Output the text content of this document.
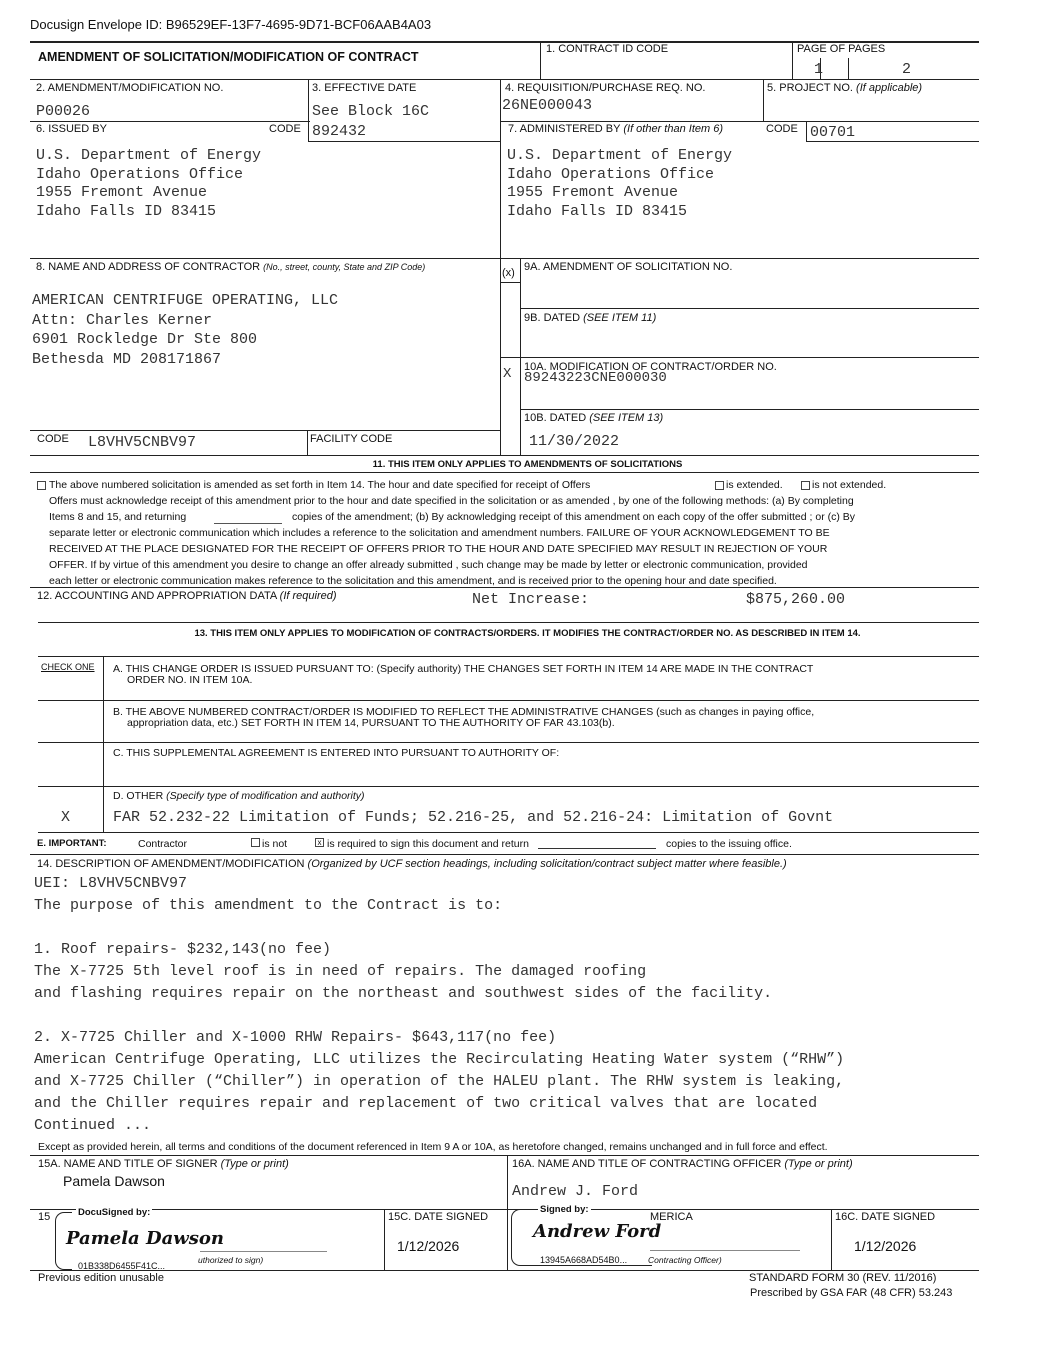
Docusign Envelope ID: B96529EF-13F7-4695-9D71-BCF06AAB4A03
AMENDMENT OF SOLICITATION/MODIFICATION OF CONTRACT
1. CONTRACT ID CODE	PAGE OF PAGES
1	2
2. AMENDMENT/MODIFICATION NO.	3. EFFECTIVE DATE	4. REQUISITION/PURCHASE REQ. NO.	5. PROJECT NO. (If applicable)
P00026	See Block 16C	26NE000043
6. ISSUED BY	CODE 892432	7. ADMINISTERED BY (If other than Item 6)	CODE 00701
U.S. Department of Energy
Idaho Operations Office
1955 Fremont Avenue
Idaho Falls ID 83415
U.S. Department of Energy
Idaho Operations Office
1955 Fremont Avenue
Idaho Falls ID 83415
8. NAME AND ADDRESS OF CONTRACTOR (No., street, county, State and ZIP Code)	(x) 9A. AMENDMENT OF SOLICITATION NO.
9B. DATED (SEE ITEM 11)
X 10A. MODIFICATION OF CONTRACT/ORDER NO.
89243223CNE000030
10B. DATED (SEE ITEM 13)
11/30/2022
AMERICAN CENTRIFUGE OPERATING, LLC
Attn: Charles Kerner
6901 Rockledge Dr Ste 800
Bethesda MD 208171867
CODE L8VHV5CNBV97	FACILITY CODE
11. THIS ITEM ONLY APPLIES TO AMENDMENTS OF SOLICITATIONS
The above numbered solicitation is amended as set forth in Item 14. The hour and date specified for receipt of Offers	is extended.	is not extended.
Offers must acknowledge receipt of this amendment prior to the hour and date specified in the solicitation or as amended , by one of the following methods: (a) By completing
Items 8 and 15, and returning	copies of the amendment; (b) By acknowledging receipt of this amendment on each copy of the offer submitted ; or (c) By
separate letter or electronic communication which includes a reference to the solicitation and amendment numbers. FAILURE OF YOUR ACKNOWLEDGEMENT TO BE
RECEIVED AT THE PLACE DESIGNATED FOR THE RECEIPT OF OFFERS PRIOR TO THE HOUR AND DATE SPECIFIED MAY RESULT IN REJECTION OF YOUR
OFFER. If by virtue of this amendment you desire to change an offer already submitted , such change may be made by letter or electronic communication, provided
each letter or electronic communication makes reference to the solicitation and this amendment, and is received prior to the opening hour and date specified.
12. ACCOUNTING AND APPROPRIATION DATA (If required)	Net Increase:	$875,260.00
13. THIS ITEM ONLY APPLIES TO MODIFICATION OF CONTRACTS/ORDERS. IT MODIFIES THE CONTRACT/ORDER NO. AS DESCRIBED IN ITEM 14.
CHECK ONE A. THIS CHANGE ORDER IS ISSUED PURSUANT TO: (Specify authority) THE CHANGES SET FORTH IN ITEM 14 ARE MADE IN THE CONTRACT
ORDER NO. IN ITEM 10A.
B. THE ABOVE NUMBERED CONTRACT/ORDER IS MODIFIED TO REFLECT THE ADMINISTRATIVE CHANGES (such as changes in paying office,
appropriation data, etc.) SET FORTH IN ITEM 14, PURSUANT TO THE AUTHORITY OF FAR 43.103(b).
C. THIS SUPPLEMENTAL AGREEMENT IS ENTERED INTO PURSUANT TO AUTHORITY OF:
D. OTHER (Specify type of modification and authority)
X	FAR 52.232-22 Limitation of Funds; 52.216-25, and 52.216-24: Limitation of Govnt
E. IMPORTANT:	Contractor	is not	x is required to sign this document and return	copies to the issuing office.
14. DESCRIPTION OF AMENDMENT/MODIFICATION (Organized by UCF section headings, including solicitation/contract subject matter where feasible.)
UEI: L8VHV5CNBV97
The purpose of this amendment to the Contract is to:
1. Roof repairs- $232,143(no fee)
The X-7725 5th level roof is in need of repairs. The damaged roofing
and flashing requires repair on the northeast and southwest sides of the facility.
2. X-7725 Chiller and X-1000 RHW Repairs- $643,117(no fee)
American Centrifuge Operating, LLC utilizes the Recirculating Heating Water system (“RHW”)
and X-7725 Chiller (“Chiller”) in operation of the HALEU plant. The RHW system is leaking,
and the Chiller requires repair and replacement of two critical valves that are located
Continued ...
Except as provided herein, all terms and conditions of the document referenced in Item 9 A or 10A, as heretofore changed, remains unchanged and in full force and effect.
15A. NAME AND TITLE OF SIGNER (Type or print)
Pamela Dawson
16A. NAME AND TITLE OF CONTRACTING OFFICER (Type or print)
Andrew J. Ford
15	DocuSigned by:
Pamela Dawson
uthorized to sign)
01B338D6455F41C...
15C. DATE SIGNED
1/12/2026
Signed by:
Andrew Ford
13945A668AD54B0...
MERICA
Contracting Officer)
16C. DATE SIGNED
1/12/2026
Previous edition unusable	STANDARD FORM 30 (REV. 11/2016)
Prescribed by GSA FAR (48 CFR) 53.243
